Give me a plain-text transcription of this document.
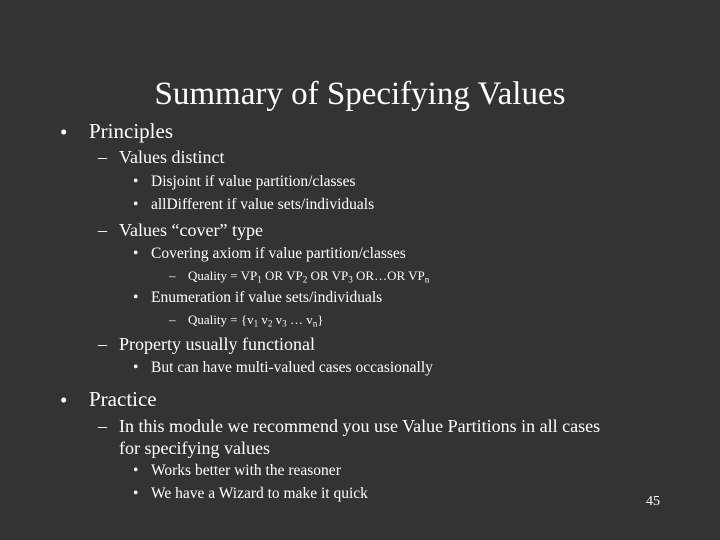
Summary of Specifying Values
• Principles
– Values distinct
• Disjoint if value partition/classes
• allDifferent if value sets/individuals
– Values “cover” type
• Covering axiom if value partition/classes
– Quality = $VP_1$ OR $VP_2$ OR $VP_3$ OR…OR $VP_n$
• Enumeration if value sets/individuals
– Quality = {$v_1$ $v_2$ $v_3$ … $v_n$}
– Property usually functional
• But can have multi-valued cases occasionally
• Practice
– In this module we recommend you use Value Partitions in all cases
for specifying values
• Works better with the reasoner
• We have a Wizard to make it quick	45
